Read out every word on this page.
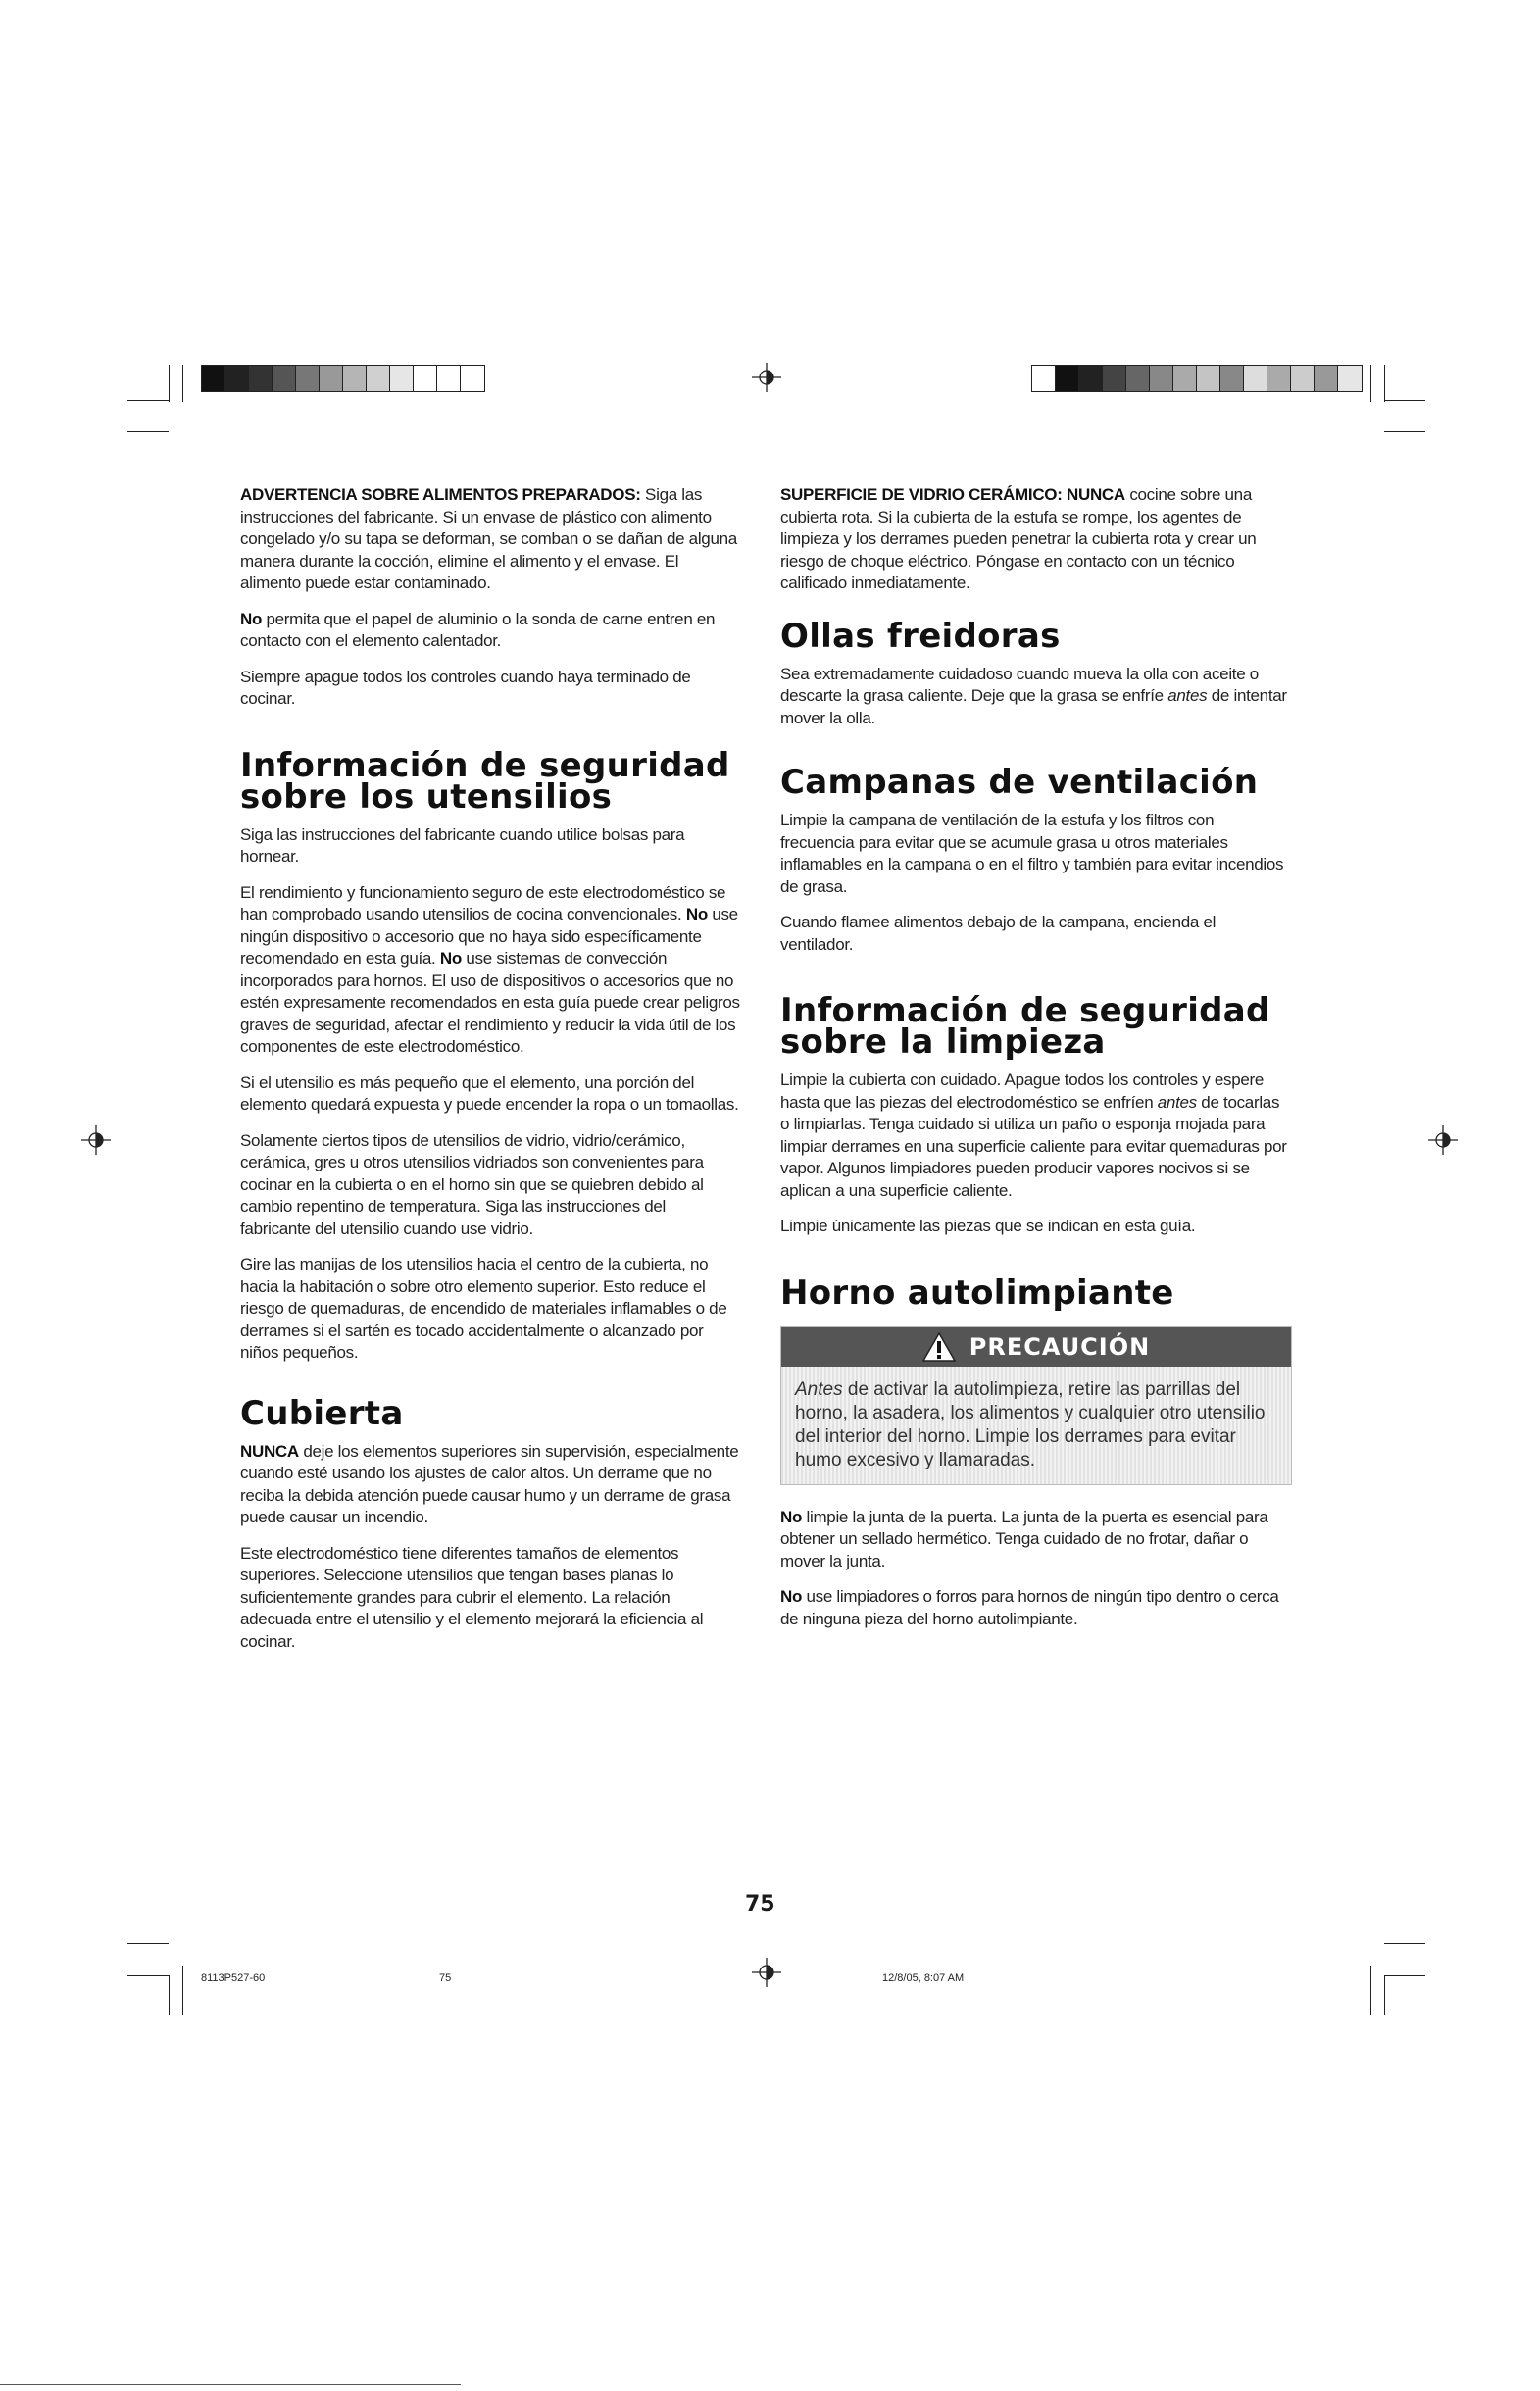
ADVERTENCIA SOBRE ALIMENTOS PREPARADOS: Siga las instrucciones del fabricante. Si un envase de plástico con alimento congelado y/o su tapa se deforman, se comban o se dañan de alguna manera durante la cocción, elimine el alimento y el envase. El alimento puede estar contaminado.

No permita que el papel de aluminio o la sonda de carne entren en contacto con el elemento calentador.

Siempre apague todos los controles cuando haya terminado de cocinar.

Información de seguridad sobre los utensilios

Siga las instrucciones del fabricante cuando utilice bolsas para hornear.

El rendimiento y funcionamiento seguro de este electrodoméstico se han comprobado usando utensilios de cocina convencionales. No use ningún dispositivo o accesorio que no haya sido específicamente recomendado en esta guía. No use sistemas de convección incorporados para hornos. El uso de dispositivos o accesorios que no estén expresamente recomendados en esta guía puede crear peligros graves de seguridad, afectar el rendimiento y reducir la vida útil de los componentes de este electrodoméstico.

Si el utensilio es más pequeño que el elemento, una porción del elemento quedará expuesta y puede encender la ropa o un tomaollas.

Solamente ciertos tipos de utensilios de vidrio, vidrio/cerámico, cerámica, gres u otros utensilios vidriados son convenientes para cocinar en la cubierta o en el horno sin que se quiebren debido al cambio repentino de temperatura. Siga las instrucciones del fabricante del utensilio cuando use vidrio.

Gire las manijas de los utensilios hacia el centro de la cubierta, no hacia la habitación o sobre otro elemento superior. Esto reduce el riesgo de quemaduras, de encendido de materiales inflamables o de derrames si el sartén es tocado accidentalmente o alcanzado por niños pequeños.

Cubierta

NUNCA deje los elementos superiores sin supervisión, especialmente cuando esté usando los ajustes de calor altos. Un derrame que no reciba la debida atención puede causar humo y un derrame de grasa puede causar un incendio.

Este electrodoméstico tiene diferentes tamaños de elementos superiores. Seleccione utensilios que tengan bases planas lo suficientemente grandes para cubrir el elemento. La relación adecuada entre el utensilio y el elemento mejorará la eficiencia al cocinar.

SUPERFICIE DE VIDRIO CERÁMICO: NUNCA cocine sobre una cubierta rota. Si la cubierta de la estufa se rompe, los agentes de limpieza y los derrames pueden penetrar la cubierta rota y crear un riesgo de choque eléctrico. Póngase en contacto con un técnico calificado inmediatamente.

Ollas freidoras

Sea extremadamente cuidadoso cuando mueva la olla con aceite o descarte la grasa caliente. Deje que la grasa se enfríe antes de intentar mover la olla.

Campanas de ventilación

Limpie la campana de ventilación de la estufa y los filtros con frecuencia para evitar que se acumule grasa u otros materiales inflamables en la campana o en el filtro y también para evitar incendios de grasa.

Cuando flamee alimentos debajo de la campana, encienda el ventilador.

Información de seguridad sobre la limpieza

Limpie la cubierta con cuidado. Apague todos los controles y espere hasta que las piezas del electrodoméstico se enfríen antes de tocarlas o limpiarlas. Tenga cuidado si utiliza un paño o esponja mojada para limpiar derrames en una superficie caliente para evitar quemaduras por vapor. Algunos limpiadores pueden producir vapores nocivos si se aplican a una superficie caliente.

Limpie únicamente las piezas que se indican en esta guía.

Horno autolimpiante
PRECAUCIÓN
Antes de activar la autolimpieza, retire las parrillas del horno, la asadera, los alimentos y cualquier otro utensilio del interior del horno. Limpie los derrames para evitar humo excesivo y llamaradas.

No limpie la junta de la puerta. La junta de la puerta es esencial para obtener un sellado hermético. Tenga cuidado de no frotar, dañar o mover la junta.

No use limpiadores o forros para hornos de ningún tipo dentro o cerca de ninguna pieza del horno autolimpiante.

75
8113P527-60	75	12/8/05, 8:07 AM
